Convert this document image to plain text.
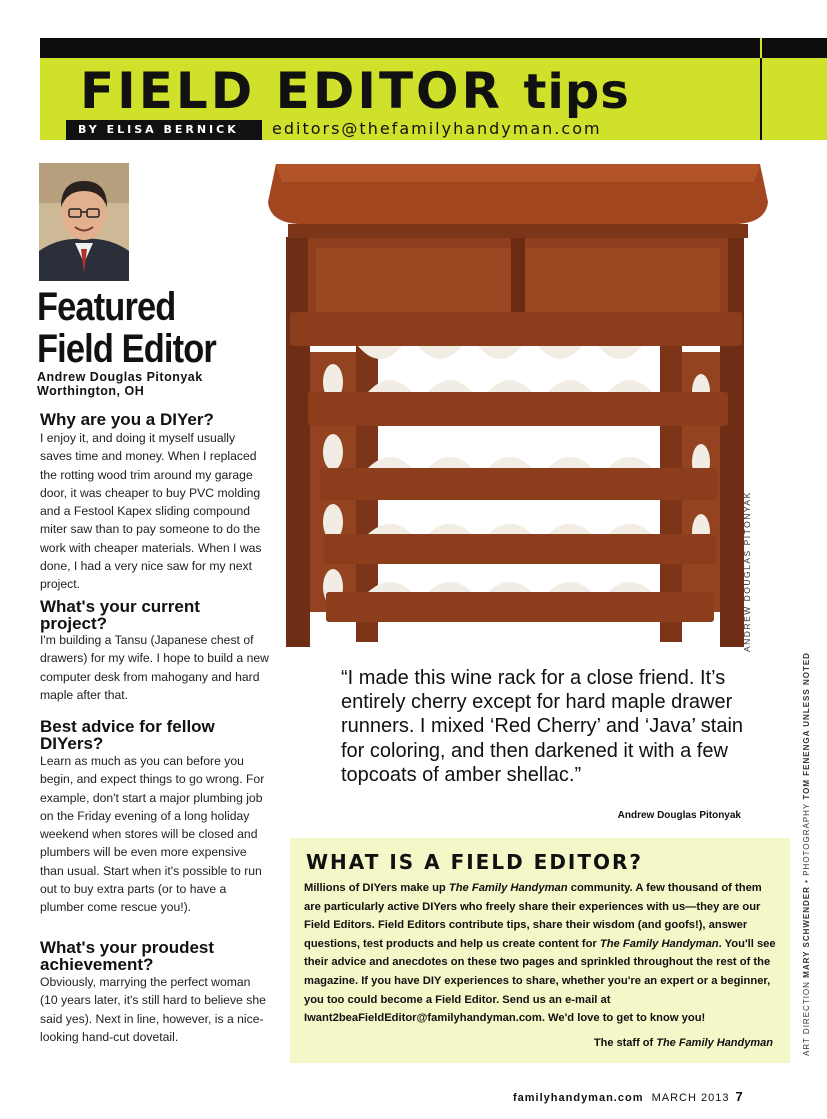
FIELD EDITOR tips
BY ELISA BERNICK	editors@thefamilyhandyman.com
Featured
Field Editor
Andrew Douglas Pitonyak
Worthington, OH
Why are you a DIYer?
I enjoy it, and doing it myself usually saves time and money. When I replaced the rotting wood trim around my garage door, it was cheaper to buy PVC molding and a Festool Kapex sliding compound miter saw than to pay someone to do the work with cheaper materials. When I was done, I had a very nice saw for my next project.
What's your current project?
I'm building a Tansu (Japanese chest of drawers) for my wife. I hope to build a new computer desk from mahogany and hard maple after that.
Best advice for fellow DIYers?
Learn as much as you can before you begin, and expect things to go wrong. For example, don't start a major plumbing job on the Friday evening of a long holiday weekend when stores will be closed and plumbers will be even more expensive than usual. Start when it's possible to run out to buy extra parts (or to have a plumber come rescue you!).
What's your proudest achievement?
Obviously, marrying the perfect woman (10 years later, it's still hard to believe she said yes). Next in line, however, is a nice-looking hand-cut dovetail.
ANDREW DOUGLAS PITONYAK
“I made this wine rack for a close friend. It’s entirely cherry except for hard maple drawer runners. I mixed ‘Red Cherry’ and ‘Java’ stain for coloring, and then darkened it with a few topcoats of amber shellac.”
Andrew Douglas Pitonyak
ART DIRECTION MARY SCHWENDER • PHOTOGRAPHY TOM FENENGA UNLESS NOTED
WHAT IS A FIELD EDITOR?
Millions of DIYers make up The Family Handyman community. A few thousand of them are particularly active DIYers who freely share their experiences with us—they are our Field Editors. Field Editors contribute tips, share their wisdom (and goofs!), answer questions, test products and help us create content for The Family Handyman. You'll see their advice and anecdotes on these two pages and sprinkled throughout the rest of the magazine. If you have DIY experiences to share, whether you're an expert or a beginner, you too could become a Field Editor. Send us an e-mail at Iwant2beaFieldEditor@familyhandyman.com. We'd love to get to know you!
The staff of The Family Handyman
familyhandyman.com MARCH 2013 7
